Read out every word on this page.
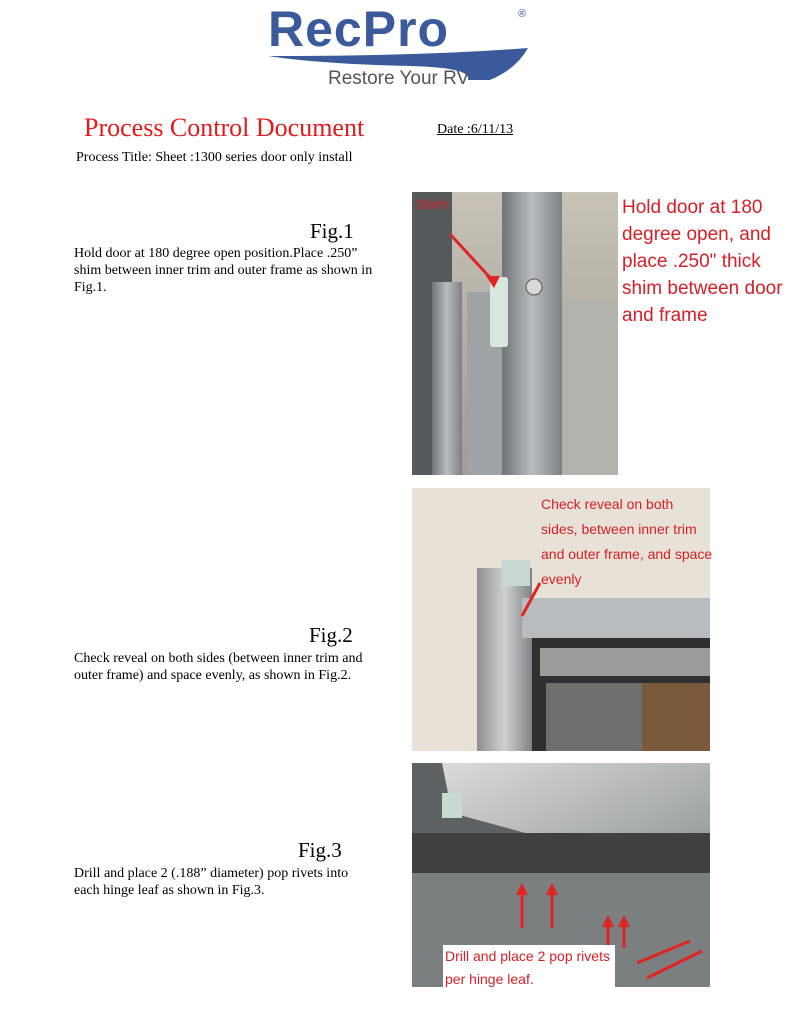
RecPro	®
Restore Your RV
Process Control Document	Date :6/11/13
Process Title: Sheet :1300 series door only install
Fig.1
Hold door at 180 degree open position.Place .250” shim between inner trim and outer frame as shown in Fig.1.
Shim	Hold door at 180 degree open, and place .250" thick shim between door and frame
Fig.2
Check reveal on both sides (between inner trim and outer frame) and space evenly, as shown in Fig.2.
Check reveal on both sides, between inner trim and outer frame, and space evenly
Fig.3
Drill and place 2 (.188” diameter) pop rivets into each hinge leaf as shown in Fig.3.
Drill and place 2 pop rivets per hinge leaf.
